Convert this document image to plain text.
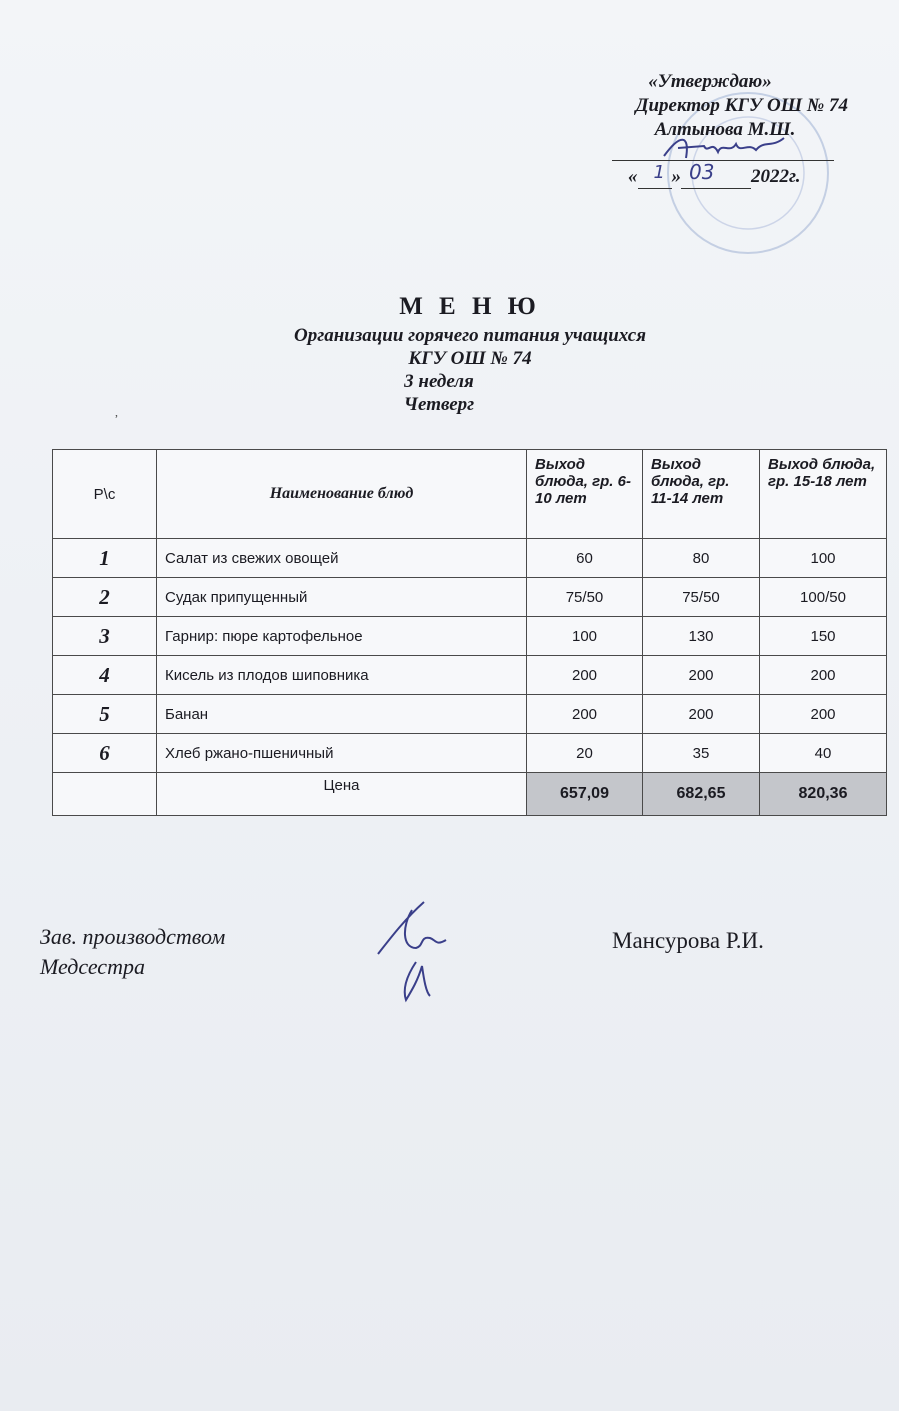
«Утверждаю»
Директор КГУ ОШ № 74
Алтынова М.Ш.
« 1 » 03 2022г.
М Е Н Ю
Организации горячего питания учащихся
КГУ ОШ № 74
3 неделя
Четверг
,
Р\с	Наименование блюд	Выход блюда, гр. 6-10 лет	Выход блюда, гр. 11-14 лет	Выход блюда, гр. 15-18 лет
1	Салат из свежих овощей	60	80	100
2	Судак припущенный	75/50	75/50	100/50
3	Гарнир: пюре картофельное	100	130	150
4	Кисель из плодов шиповника	200	200	200
5	Банан	200	200	200
6	Хлеб ржано-пшеничный	20	35	40
	Цена	657,09	682,65	820,36
Зав. производством
Медсестра
Мансурова Р.И.
